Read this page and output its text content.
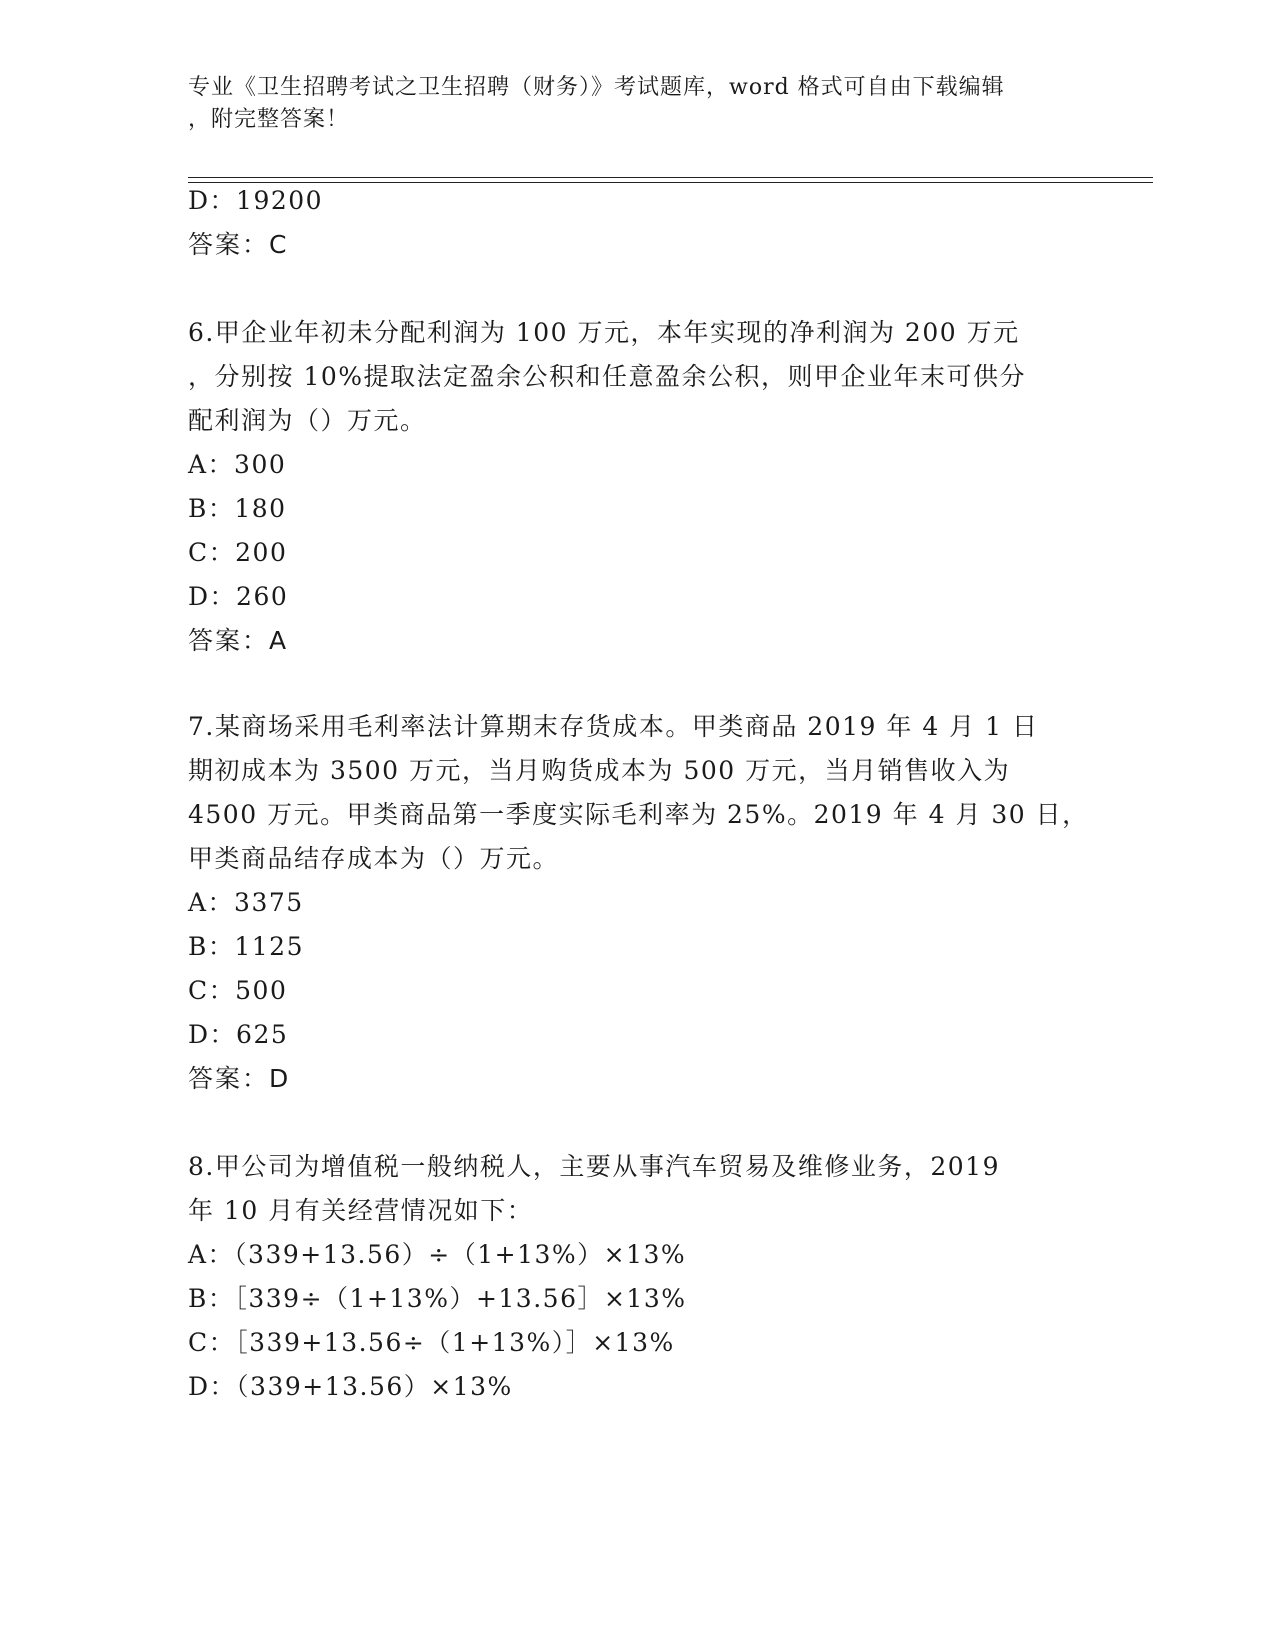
专业《卫生招聘考试之卫生招聘（财务）》考试题库，word 格式可自由下载编辑
，附完整答案！
D：19200
答案：C
6.甲企业年初未分配利润为 100 万元，本年实现的净利润为 200 万元
，分别按 10%提取法定盈余公积和任意盈余公积，则甲企业年末可供分
配利润为（）万元。
A：300
B：180
C：200
D：260
答案：A
7.某商场采用毛利率法计算期末存货成本。甲类商品 2019 年 4 月 1 日
期初成本为 3500 万元，当月购货成本为 500 万元，当月销售收入为
4500 万元。甲类商品第一季度实际毛利率为 25%。2019 年 4 月 30 日，
甲类商品结存成本为（）万元。
A：3375
B：1125
C：500
D：625
答案：D
8.甲公司为增值税一般纳税人，主要从事汽车贸易及维修业务，2019
年 10 月有关经营情况如下：
A：（339+13.56）÷（1+13%）×13%
B：［339÷（1+13%）+13.56］×13%
C：［339+13.56÷（1+13%）］×13%
D：（339+13.56）×13%
